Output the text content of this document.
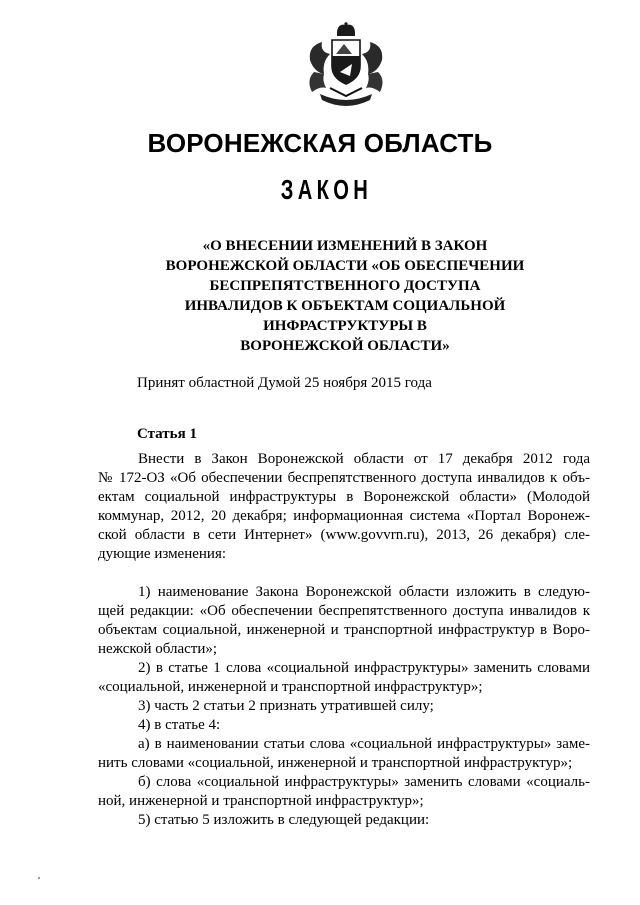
ВОРОНЕЖСКАЯ ОБЛАСТЬ
ЗАКОН
«О ВНЕСЕНИИ ИЗМЕНЕНИЙ В ЗАКОН
ВОРОНЕЖСКОЙ ОБЛАСТИ «ОБ ОБЕСПЕЧЕНИИ
БЕСПРЕПЯТСТВЕННОГО ДОСТУПА
ИНВАЛИДОВ К ОБЪЕКТАМ СОЦИАЛЬНОЙ
ИНФРАСТРУКТУРЫ В
ВОРОНЕЖСКОЙ ОБЛАСТИ»
Принят областной Думой 25 ноября 2015 года
Статья 1
Внести в Закон Воронежской области от 17 декабря 2012 года
№ 172-ОЗ «Об обеспечении беспрепятственного доступа инвалидов к объ-
ектам социальной инфраструктуры в Воронежской области» (Молодой
коммунар, 2012, 20 декабря; информационная система «Портал Воронеж-
ской области в сети Интернет» (www.govvrn.ru), 2013, 26 декабря) сле-
дующие изменения:
1) наименование Закона Воронежской области изложить в следую-
щей редакции: «Об обеспечении беспрепятственного доступа инвалидов к
объектам социальной, инженерной и транспортной инфраструктур в Воро-
нежской области»;
2) в статье 1 слова «социальной инфраструктуры» заменить словами
«социальной, инженерной и транспортной инфраструктур»;
3) часть 2 статьи 2 признать утратившей силу;
4) в статье 4:
а) в наименовании статьи слова «социальной инфраструктуры» заме-
нить словами «социальной, инженерной и транспортной инфраструктур»;
б) слова «социальной инфраструктуры» заменить словами «социаль-
ной, инженерной и транспортной инфраструктур»;
5) статью 5 изложить в следующей редакции:
